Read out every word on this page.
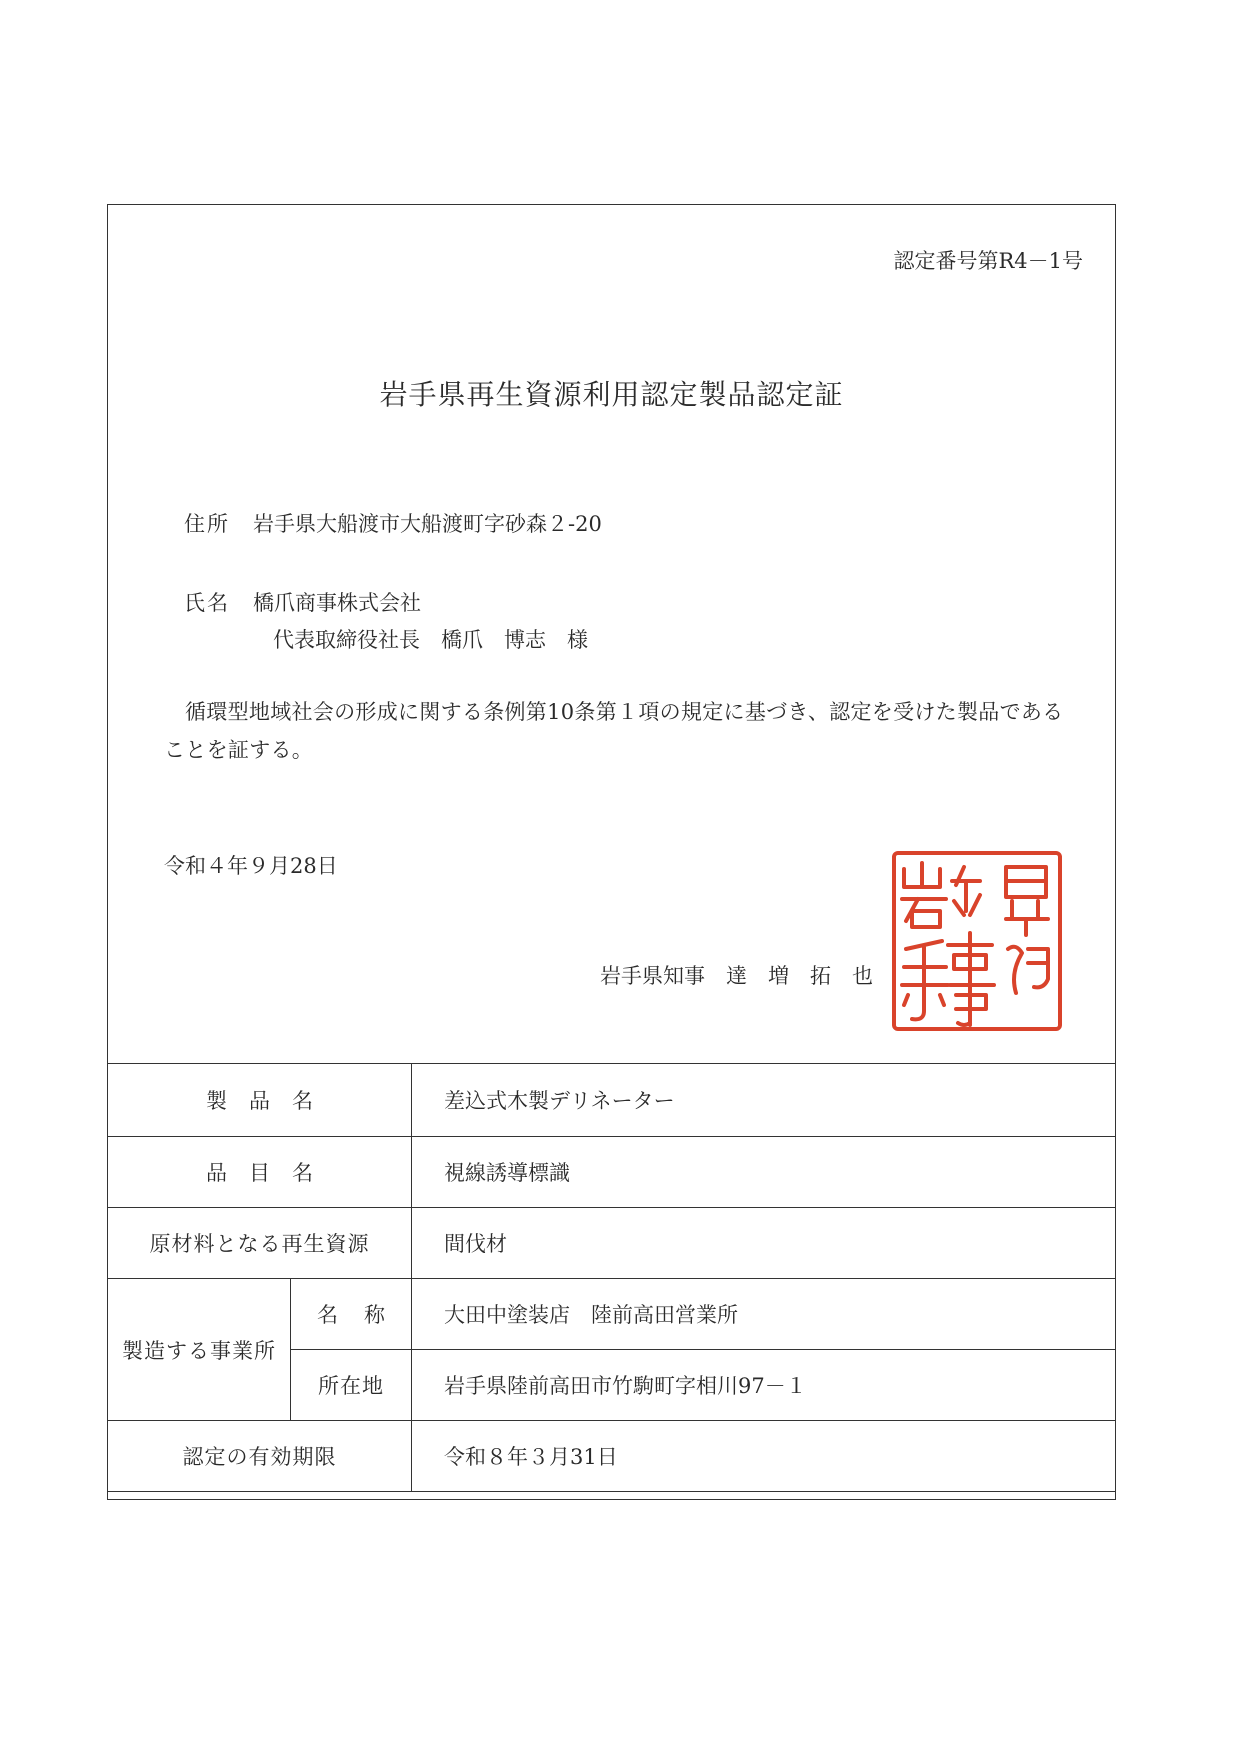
認定番号第R4－1号
岩手県再生資源利用認定製品認定証
住所 岩手県大船渡市大船渡町字砂森２-20
氏名 橋爪商事株式会社
代表取締役社長　橋爪　博志　様
循環型地域社会の形成に関する条例第10条第１項の規定に基づき、認定を受けた製品であることを証する。
令和４年９月28日
岩手県知事　達　増　拓　也
製品名		差込式木製デリネーター
品目名		視線誘導標識
原材料となる再生資源		間伐材
製造する事業所	名称	大田中塗装店　陸前高田営業所
	所在地	岩手県陸前高田市竹駒町字相川97－１
認定の有効期限		令和８年３月31日
